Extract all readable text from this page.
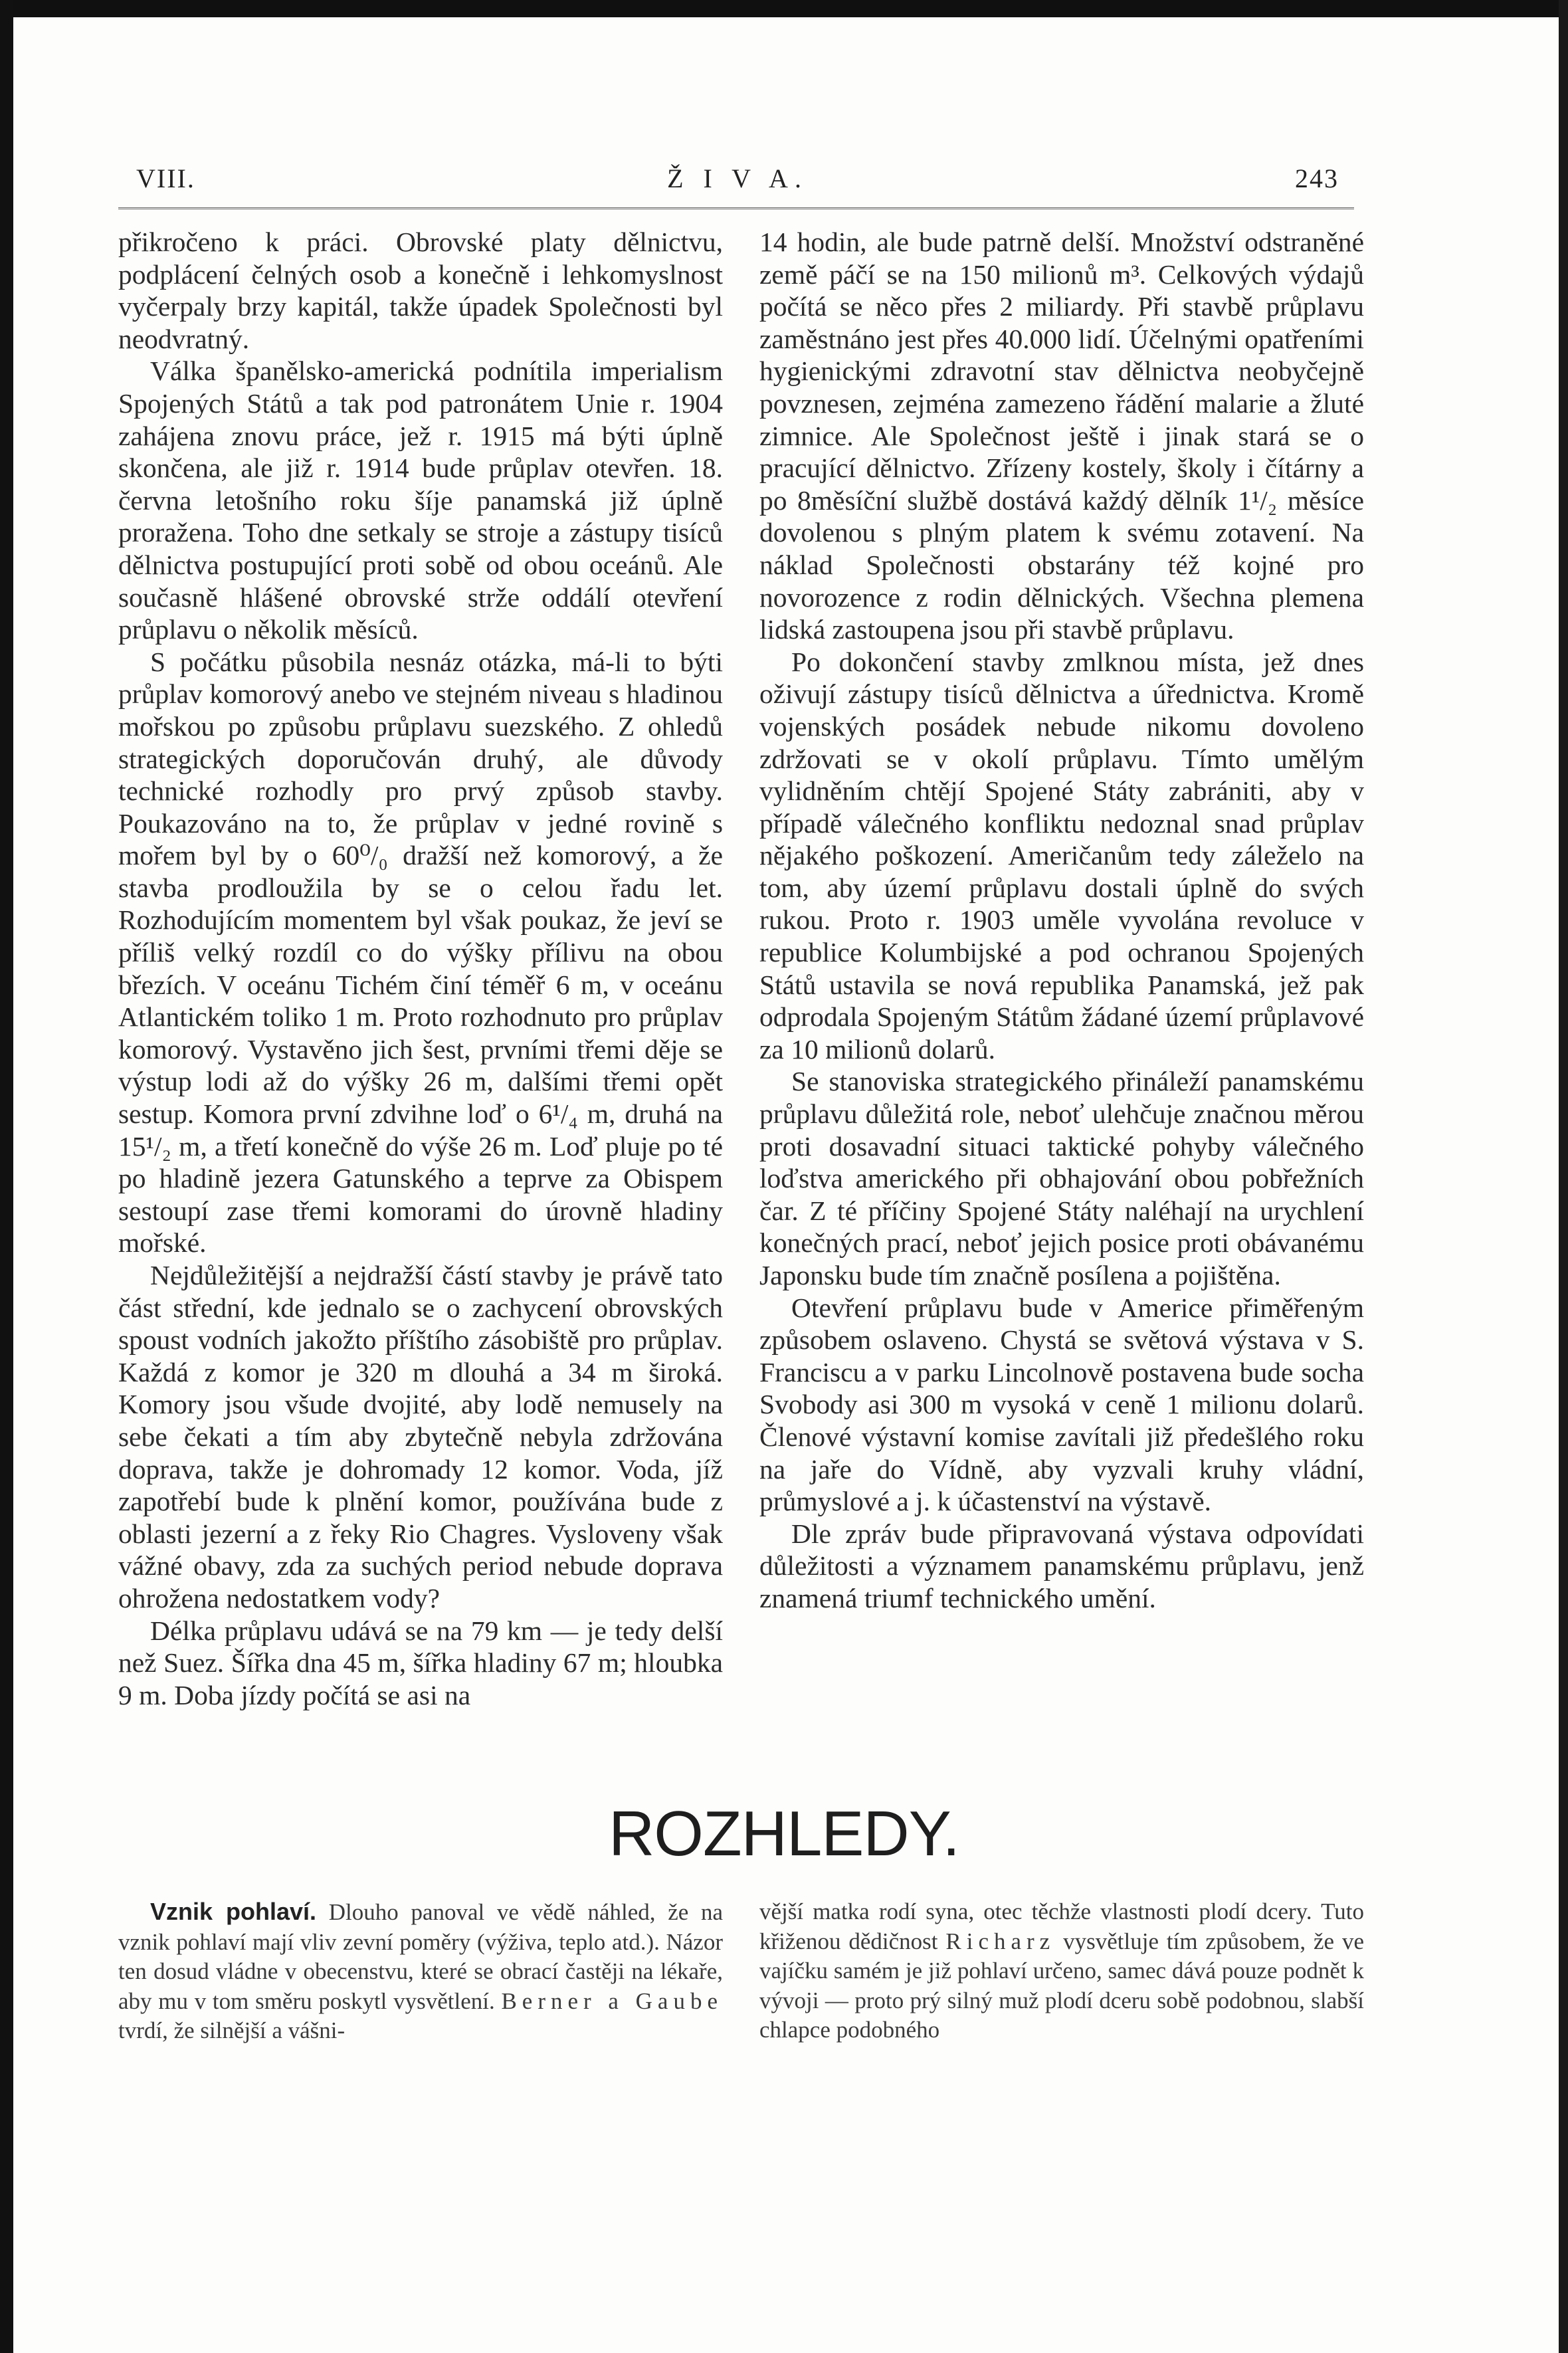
VIII.	Ž I V A.	243

přikročeno k práci. Obrovské platy dělnictvu, podplácení čelných osob a konečně i lehkomyslnost vyčerpaly brzy kapitál, takže úpadek Společnosti byl neodvratný.

Válka španělsko-americká podnítila imperialism Spojených Států a tak pod patronátem Unie r. 1904 zahájena znovu práce, jež r. 1915 má býti úplně skončena, ale již r. 1914 bude průplav otevřen. 18. června letošního roku šíje panamská již úplně proražena. Toho dne setkaly se stroje a zástupy tisíců dělnictva postupující proti sobě od obou oceánů. Ale současně hlášené obrovské strže oddálí otevření průplavu o několik měsíců.

S počátku působila nesnáz otázka, má-li to býti průplav komorový anebo ve stejném niveau s hladinou mořskou po způsobu průplavu suezského. Z ohledů strategických doporučován druhý, ale důvody technické rozhodly pro prvý způsob stavby. Poukazováno na to, že průplav v jedné rovině s mořem byl by o 60⁰/₀ dražší než komorový, a že stavba prodloužila by se o celou řadu let. Rozhodujícím momentem byl však poukaz, že jeví se příliš velký rozdíl co do výšky přílivu na obou březích. V oceánu Tichém činí téměř 6 m, v oceánu Atlantickém toliko 1 m. Proto rozhodnuto pro průplav komorový. Vystavěno jich šest, prvními třemi děje se výstup lodi až do výšky 26 m, dalšími třemi opět sestup. Komora první zdvihne loď o 6¹/₄ m, druhá na 15¹/₂ m, a třetí konečně do výše 26 m. Loď pluje po té po hladině jezera Gatunského a teprve za Obispem sestoupí zase třemi komorami do úrovně hladiny mořské.

Nejdůležitější a nejdražší částí stavby je právě tato část střední, kde jednalo se o zachycení obrovských spoust vodních jakožto příštího zásobiště pro průplav. Každá z komor je 320 m dlouhá a 34 m široká. Komory jsou všude dvojité, aby lodě nemusely na sebe čekati a tím aby zbytečně nebyla zdržována doprava, takže je dohromady 12 komor. Voda, jíž zapotřebí bude k plnění komor, používána bude z oblasti jezerní a z řeky Rio Chagres. Vysloveny však vážné obavy, zda za suchých period nebude doprava ohrožena nedostatkem vody?

Délka průplavu udává se na 79 km — je tedy delší než Suez. Šířka dna 45 m, šířka hladiny 67 m; hloubka 9 m. Doba jízdy počítá se asi na

14 hodin, ale bude patrně delší. Množství odstraněné země páčí se na 150 milionů m³. Celkových výdajů počítá se něco přes 2 miliardy. Při stavbě průplavu zaměstnáno jest přes 40.000 lidí. Účelnými opatřeními hygienickými zdravotní stav dělnictva neobyčejně povznesen, zejména zamezeno řádění malarie a žluté zimnice. Ale Společnost ještě i jinak stará se o pracující dělnictvo. Zřízeny kostely, školy i čítárny a po 8měsíční službě dostává každý dělník 1¹/₂ měsíce dovolenou s plným platem k svému zotavení. Na náklad Společnosti obstarány též kojné pro novorozence z rodin dělnických. Všechna plemena lidská zastoupena jsou při stavbě průplavu.

Po dokončení stavby zmlknou místa, jež dnes oživují zástupy tisíců dělnictva a úřednictva. Kromě vojenských posádek nebude nikomu dovoleno zdržovati se v okolí průplavu. Tímto umělým vylidněním chtějí Spojené Státy zabrániti, aby v případě válečného konfliktu nedoznal snad průplav nějakého poškození. Američanům tedy záleželo na tom, aby území průplavu dostali úplně do svých rukou. Proto r. 1903 uměle vyvolána revoluce v republice Kolumbijské a pod ochranou Spojených Států ustavila se nová republika Panamská, jež pak odprodala Spojeným Státům žádané území průplavové za 10 milionů dolarů.

Se stanoviska strategického přináleží panamskému průplavu důležitá role, neboť ulehčuje značnou měrou proti dosavadní situaci taktické pohyby válečného loďstva amerického při obhajování obou pobřežních čar. Z té příčiny Spojené Státy naléhají na urychlení konečných prací, neboť jejich posice proti obávanému Japonsku bude tím značně posílena a pojištěna.

Otevření průplavu bude v Americe přiměřeným způsobem oslaveno. Chystá se světová výstava v S. Franciscu a v parku Lincolnově postavena bude socha Svobody asi 300 m vysoká v ceně 1 milionu dolarů. Členové výstavní komise zavítali již předešlého roku na jaře do Vídně, aby vyzvali kruhy vládní, průmyslové a j. k účastenství na výstavě.

Dle zpráv bude připravovaná výstava odpovídati důležitosti a významem panamskému průplavu, jenž znamená triumf technického umění.

ROZHLEDY.

Vznik pohlaví. Dlouho panoval ve vědě náhled, že na vznik pohlaví mají vliv zevní poměry (výživa, teplo atd.). Názor ten dosud vládne v obecenstvu, které se obrací častěji na lékaře, aby mu v tom směru poskytl vysvětlení. Berner a Gaube tvrdí, že silnější a vášni-

vější matka rodí syna, otec těchže vlastnosti plodí dcery. Tuto křiženou dědičnost Richarz vysvětluje tím způsobem, že ve vajíčku samém je již pohlaví určeno, samec dává pouze podnět k vývoji — proto prý silný muž plodí dceru sobě podobnou, slabší chlapce podobného
